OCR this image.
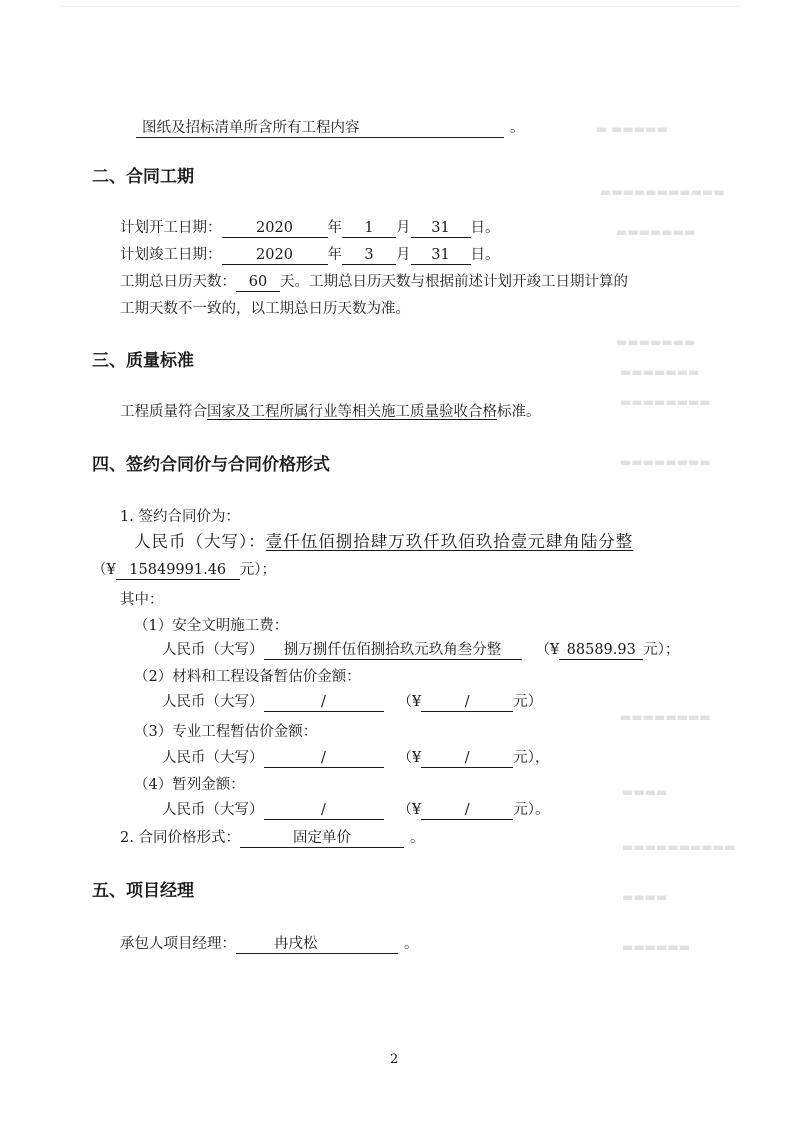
▬ ▬▬▬▬▬
▬▬▬▬▬▬▬▬▬▬▬
▬▬▬▬▬▬▬
▬▬▬▬▬▬▬
▬▬▬▬▬▬▬
▬▬▬▬▬▬▬▬
▬▬▬▬▬▬▬▬
▬▬▬▬▬▬▬▬
▬▬▬▬
▬▬▬▬▬▬▬▬▬▬
▬▬▬▬
▬▬▬▬▬▬
图纸及招标清单所含所有工程内容	。
二、合同工期
计划开工日期： 2020 年 1 月 31 日。
计划竣工日期： 2020 年 3 月 31 日。
工期总日历天数： 60 天。工期总日历天数与根据前述计划开竣工日期计算的
工期天数不一致的，以工期总日历天数为准。
三、质量标准
工程质量符合国家及工程所属行业等相关施工质量验收合格标准。
四、签约合同价与合同价格形式
1. 签约合同价为：
人民币（大写）：壹仟伍佰捌拾肆万玖仟玖佰玖拾壹元肆角陆分整
（¥ 15849991.46 元）；
其中：
（1）安全文明施工费：
人民币（大写） 捌万捌仟伍佰捌拾玖元玖角叁分整 （¥ 88589.93 元）；
（2）材料和工程设备暂估价金额：
人民币（大写）	/	（¥	/	元）
（3）专业工程暂估价金额：
人民币（大写）	/	（¥	/	元），
（4）暂列金额：
人民币（大写）	/	（¥	/	元）。
2. 合同价格形式：	固定单价	。
五、项目经理
承包人项目经理：	冉戌松	。
2
